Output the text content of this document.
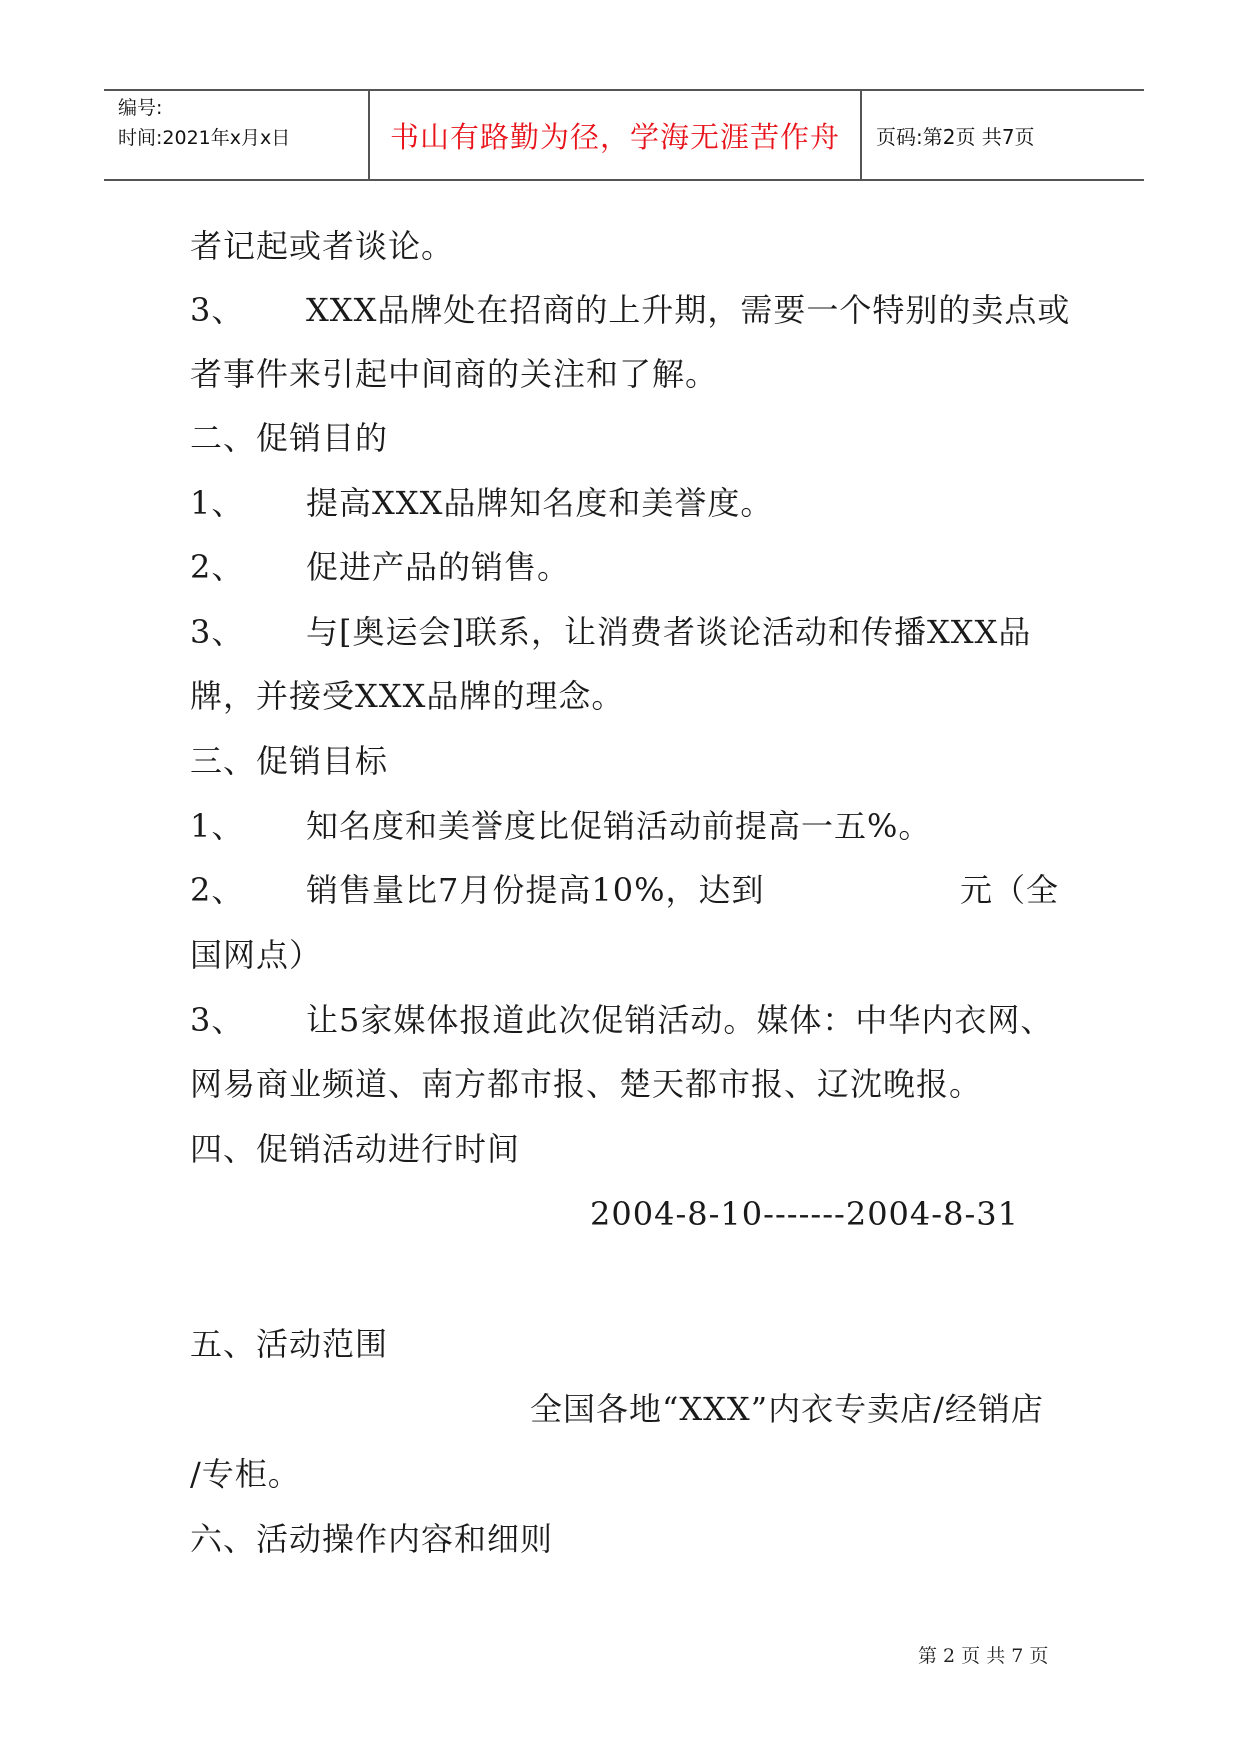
编号:
时间:2021年x月x日	书山有路勤为径，学海无涯苦作舟	页码:第2页 共7页
者记起或者谈论。
3、 XXX品牌处在招商的上升期，需要一个特别的卖点或
者事件来引起中间商的关注和了解。
二、促销目的
1、 提高XXX品牌知名度和美誉度。
2、 促进产品的销售。
3、 与[奥运会]联系，让消费者谈论活动和传播XXX品
牌，并接受XXX品牌的理念。
三、促销目标
1、 知名度和美誉度比促销活动前提高一五%。
2、 销售量比7月份提高10%，达到	元（全
国网点）
3、 让5家媒体报道此次促销活动。媒体：中华内衣网、
网易商业频道、南方都市报、楚天都市报、辽沈晚报。
四、促销活动进行时间
2004-8-10-------2004-8-31
五、活动范围
全国各地“XXX”内衣专卖店/经销店
/专柜。
六、活动操作内容和细则
第 2 页 共 7 页
